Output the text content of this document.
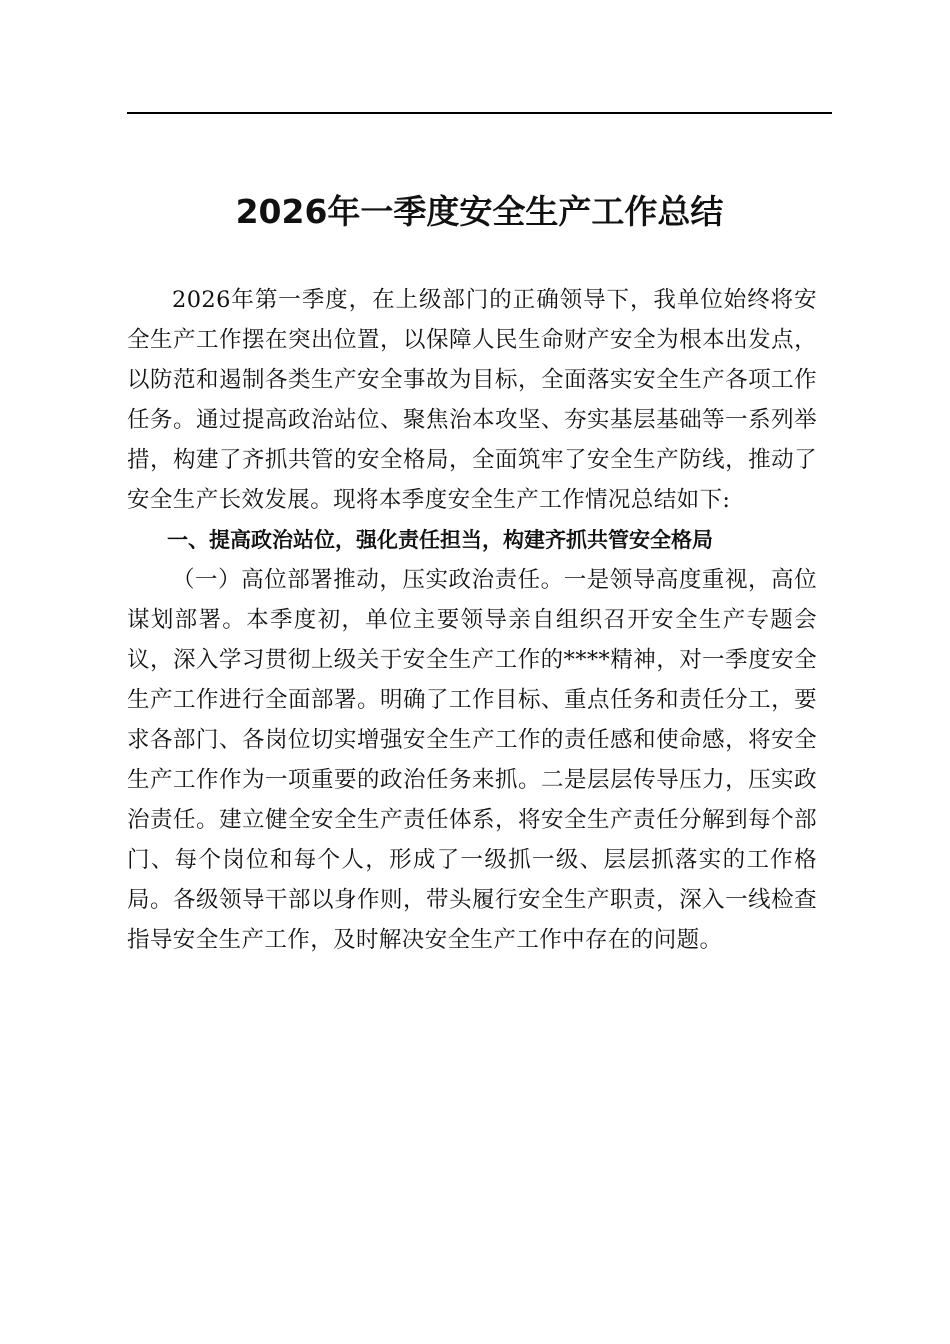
2026年一季度安全生产工作总结

2026年第一季度，在上级部门的正确领导下，我单位始终将安全生产工作摆在突出位置，以保障人民生命财产安全为根本出发点，以防范和遏制各类生产安全事故为目标，全面落实安全生产各项工作任务。通过提高政治站位、聚焦治本攻坚、夯实基层基础等一系列举措，构建了齐抓共管的安全格局，全面筑牢了安全生产防线，推动了安全生产长效发展。现将本季度安全生产工作情况总结如下:

一、提高政治站位，强化责任担当，构建齐抓共管安全格局

（一）高位部署推动，压实政治责任。一是领导高度重视，高位谋划部署。本季度初，单位主要领导亲自组织召开安全生产专题会议，深入学习贯彻上级关于安全生产工作的****精神，对一季度安全生产工作进行全面部署。明确了工作目标、重点任务和责任分工，要求各部门、各岗位切实增强安全生产工作的责任感和使命感，将安全生产工作作为一项重要的政治任务来抓。二是层层传导压力，压实政治责任。建立健全安全生产责任体系，将安全生产责任分解到每个部门、每个岗位和每个人，形成了一级抓一级、层层抓落实的工作格局。各级领导干部以身作则，带头履行安全生产职责，深入一线检查指导安全生产工作，及时解决安全生产工作中存在的问题。
